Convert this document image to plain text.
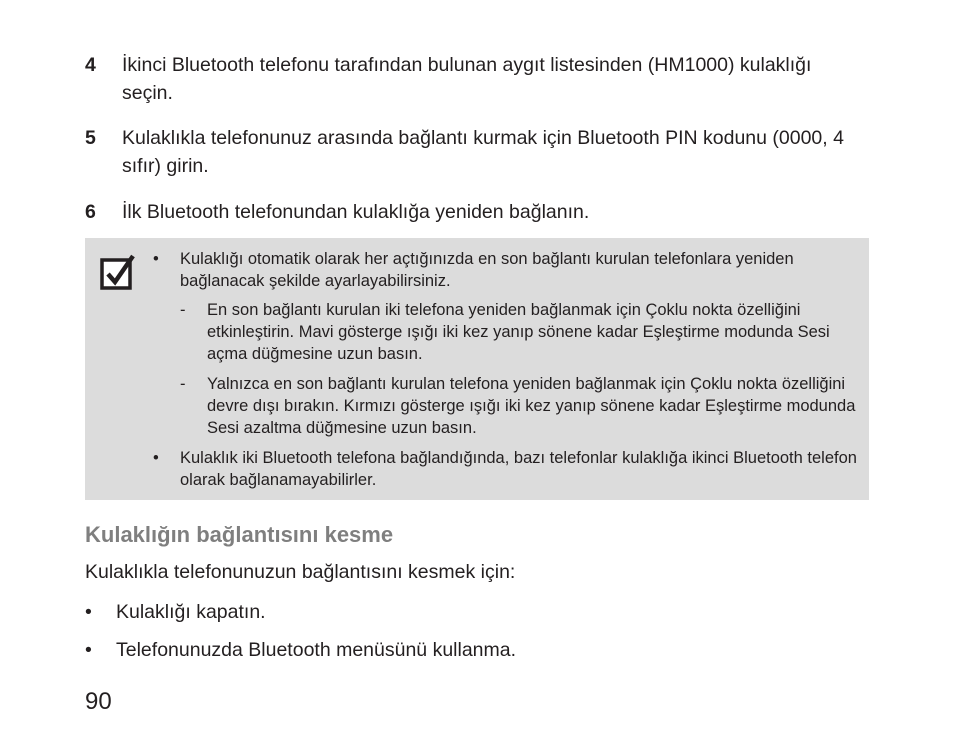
4 İkinci Bluetooth telefonu tarafından bulunan aygıt listesinden (HM1000) kulaklığı seçin.
5 Kulaklıkla telefonunuz arasında bağlantı kurmak için Bluetooth PIN kodunu (0000, 4 sıfır) girin.
6 İlk Bluetooth telefonundan kulaklığa yeniden bağlanın.
• Kulaklığı otomatik olarak her açtığınızda en son bağlantı kurulan telefonlara yeniden bağlanacak şekilde ayarlayabilirsiniz.
- En son bağlantı kurulan iki telefona yeniden bağlanmak için Çoklu nokta özelliğini etkinleştirin. Mavi gösterge ışığı iki kez yanıp sönene kadar Eşleştirme modunda Sesi açma düğmesine uzun basın.
- Yalnızca en son bağlantı kurulan telefona yeniden bağlanmak için Çoklu nokta özelliğini devre dışı bırakın. Kırmızı gösterge ışığı iki kez yanıp sönene kadar Eşleştirme modunda Sesi azaltma düğmesine uzun basın.
• Kulaklık iki Bluetooth telefona bağlandığında, bazı telefonlar kulaklığa ikinci Bluetooth telefon olarak bağlanamayabilirler.
Kulaklığın bağlantısını kesme
Kulaklıkla telefonunuzun bağlantısını kesmek için:
• Kulaklığı kapatın.
• Telefonunuzda Bluetooth menüsünü kullanma.
90
